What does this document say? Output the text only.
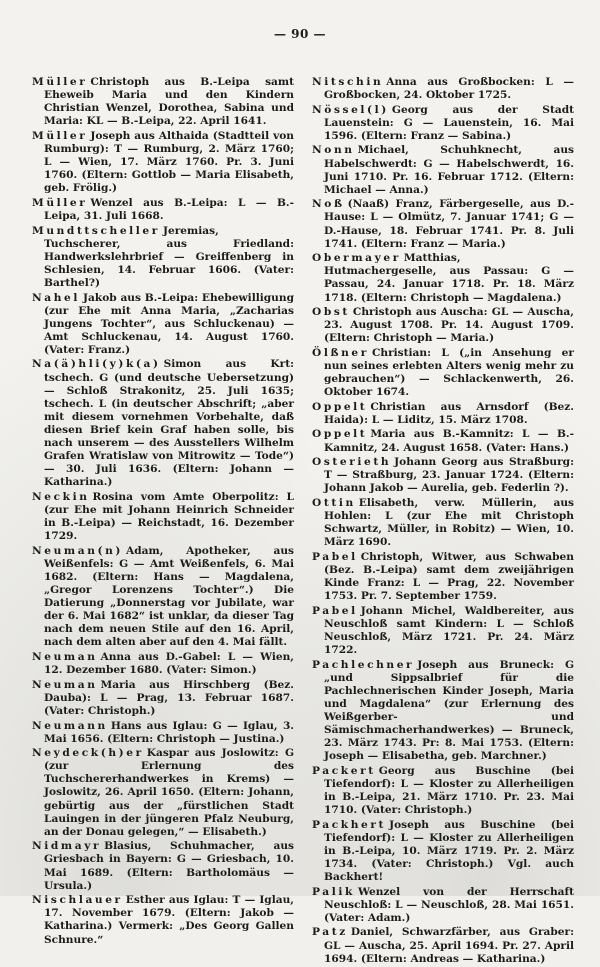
— 90 —

Müller Christoph aus B.-Leipa samt Eheweib Maria und den Kindern Christian Wenzel, Dorothea, Sabina und Maria: KL — B.-Leipa, 22. April 1641.

Müller Joseph aus Althaida (Stadtteil von Rumburg): T — Rumburg, 2. März 1760; L — Wien, 17. März 1760. Pr. 3. Juni 1760. (Eltern: Gottlob — Maria Elisabeth, geb. Frölig.)

Müller Wenzel aus B.-Leipa: L — B.-Leipa, 31. Juli 1668.

Mundttscheller Jeremias, Tuchscherer, aus Friedland: Handwerkslehrbrief — Greiffenberg in Schlesien, 14. Februar 1606. (Vater: Barthel?)

Nahel Jakob aus B.-Leipa: Ehebewilligung (zur Ehe mit Anna Maria, „Zacharias Jungens Tochter“, aus Schluckenau) — Amt Schluckenau, 14. August 1760. (Vater: Franz.)

Na(ä)hli(y)k(a) Simon aus Krt: tschech. G (und deutsche Uebersetzung) — Schloß Strakonitz, 25. Juli 1635; tschech. L (in deutscher Abschrift; „aber mit diesem vornehmen Vorbehalte, daß diesen Brief kein Graf haben solle, bis nach unserem — des Ausstellers Wilhelm Grafen Wratislaw von Mitrowitz — Tode“) — 30. Juli 1636. (Eltern: Johann — Katharina.)

Neckin Rosina vom Amte Oberpolitz: L (zur Ehe mit Johann Heinrich Schneider in B.-Leipa) — Reichstadt, 16. Dezember 1729.

Neuman(n) Adam, Apotheker, aus Weißenfels: G — Amt Weißenfels, 6. Mai 1682. (Eltern: Hans — Magdalena, „Gregor Lorenzens Tochter“.) Die Datierung „Donnerstag vor Jubilate, war der 6. Mai 1682“ ist unklar, da dieser Tag nach dem neuen Stile auf den 16. April, nach dem alten aber auf den 4. Mai fällt.

Neuman Anna aus D.-Gabel: L — Wien, 12. Dezember 1680. (Vater: Simon.)

Neuman Maria aus Hirschberg (Bez. Dauba): L — Prag, 13. Februar 1687. (Vater: Christoph.)

Neumann Hans aus Iglau: G — Iglau, 3. Mai 1656. (Eltern: Christoph — Justina.)

Neydeck(h)er Kaspar aus Joslowitz: G (zur Erlernung des Tuchschererhandwerkes in Krems) — Joslowitz, 26. April 1650. (Eltern: Johann, gebürtig aus der „fürstlichen Stadt Lauingen in der jüngeren Pfalz Neuburg, an der Donau gelegen,“ — Elisabeth.)

Nidmayr Blasius, Schuhmacher, aus Griesbach in Bayern: G — Griesbach, 10. Mai 1689. (Eltern: Bartholomäus — Ursula.)

Nischlauer Esther aus Iglau: T — Iglau, 17. November 1679. (Eltern: Jakob — Katharina.) Vermerk: „Des Georg Gallen Schnure.“

Nitschin Anna aus Großbocken: L — Großbocken, 24. Oktober 1725.

Nössel(l) Georg aus der Stadt Lauenstein: G — Lauenstein, 16. Mai 1596. (Eltern: Franz — Sabina.)

Nonn Michael, Schuhknecht, aus Habelschwerdt: G — Habelschwerdt, 16. Juni 1710. Pr. 16. Februar 1712. (Eltern: Michael — Anna.)

Noß (Naaß) Franz, Färbergeselle, aus D.-Hause: L — Olmütz, 7. Januar 1741; G — D.-Hause, 18. Februar 1741. Pr. 8. Juli 1741. (Eltern: Franz — Maria.)

Obermayer Matthias, Hutmachergeselle, aus Passau: G — Passau, 24. Januar 1718. Pr. 18. März 1718. (Eltern: Christoph — Magdalena.)

Obst Christoph aus Auscha: GL — Auscha, 23. August 1708. Pr. 14. August 1709. (Eltern: Christoph — Maria.)

Ölßner Christian: L („in Ansehung er nun seines erlebten Alters wenig mehr zu gebrauchen“) — Schlackenwerth, 26. Oktober 1674.

Oppelt Christian aus Arnsdorf (Bez. Haida): L — Liditz, 15. März 1708.

Oppelt Maria aus B.-Kamnitz: L — B.-Kamnitz, 24. August 1658. (Vater: Hans.)

Osterieth Johann Georg aus Straßburg: T — Straßburg, 23. Januar 1724. (Eltern: Johann Jakob — Aurelia, geb. Federlin ?).

Ottin Elisabeth, verw. Müllerin, aus Hohlen: L (zur Ehe mit Christoph Schwartz, Müller, in Robitz) — Wien, 10. März 1690.

Pabel Christoph, Witwer, aus Schwaben (Bez. B.-Leipa) samt dem zweijährigen Kinde Franz: L — Prag, 22. November 1753. Pr. 7. September 1759.

Pabel Johann Michel, Waldbereiter, aus Neuschloß samt Kindern: L — Schloß Neuschloß, März 1721. Pr. 24. März 1722.

Pachlechner Joseph aus Bruneck: G „und Sippsalbrief für die Pachlechnerischen Kinder Joseph, Maria und Magdalena“ (zur Erlernung des Weißgerber- und Sämischmacherhandwerkes) — Bruneck, 23. März 1743. Pr: 8. Mai 1753. (Eltern: Joseph — Elisabetha, geb. Marchner.)

Packert Georg aus Buschine (bei Tiefendorf): L — Kloster zu Allerheiligen in B.-Leipa, 21. März 1710. Pr. 23. Mai 1710. (Vater: Christoph.)

Packhert Joseph aus Buschine (bei Tiefendorf): L — Kloster zu Allerheiligen in B.-Leipa, 10. März 1719. Pr. 2. März 1734. (Vater: Christoph.) Vgl. auch Backhert!

Palik Wenzel von der Herrschaft Neuschloß: L — Neuschloß, 28. Mai 1651. (Vater: Adam.)

Patz Daniel, Schwarzfärber, aus Graber: GL — Auscha, 25. April 1694. Pr. 27. April 1694. (Eltern: Andreas — Katharina.)
